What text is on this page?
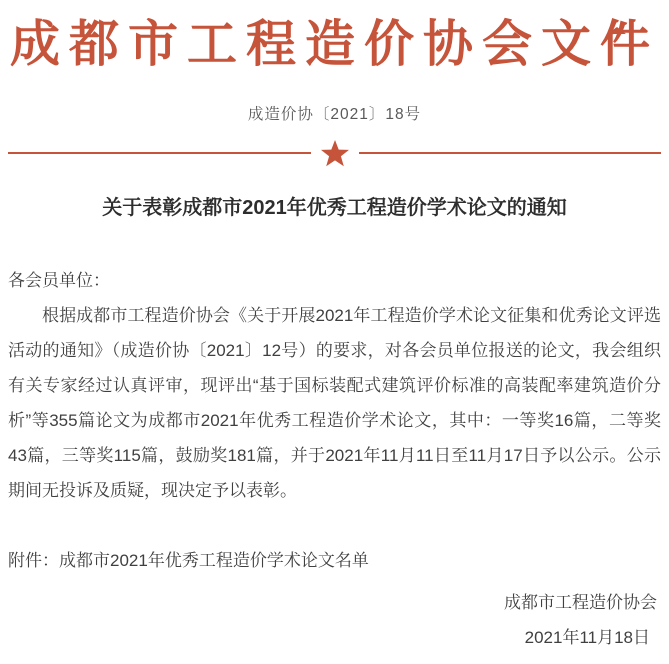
成都市工程造价协会文件
成造价协〔2021〕18号
关于表彰成都市2021年优秀工程造价学术论文的通知

各会员单位：

根据成都市工程造价协会《关于开展2021年工程造价学术论文征集和优秀论文评选活动的通知》（成造价协〔2021〕12号）的要求，对各会员单位报送的论文，我会组织有关专家经过认真评审，现评出“基于国标装配式建筑评价标准的高装配率建筑造价分析”等355篇论文为成都市2021年优秀工程造价学术论文，其中：一等奖16篇，二等奖43篇，三等奖115篇，鼓励奖181篇，并于2021年11月11日至11月17日予以公示。公示期间无投诉及质疑，现决定予以表彰。

附件：成都市2021年优秀工程造价学术论文名单

成都市工程造价协会
2021年11月18日
